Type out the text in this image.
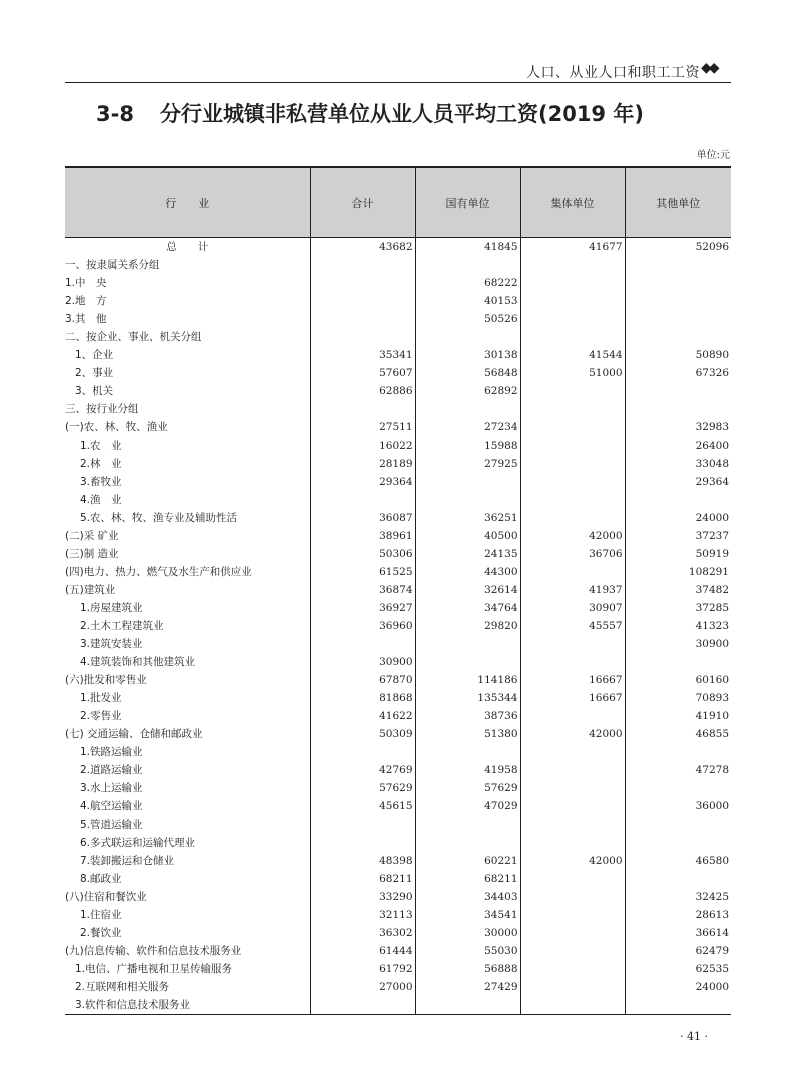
人口、从业人口和职工工资 ◆◆
3-8 分行业城镇非私营单位从业人员平均工资(2019 年)
单位:元
行　　业	合计	国有单位	集体单位	其他单位
总　　计	43682	41845	41677	52096
一、按隶属关系分组				
1.中　央		68222		
2.地　方		40153		
3.其　他		50526		
二、按企业、事业、机关分组				
1、企业	35341	30138	41544	50890
2、事业	57607	56848	51000	67326
3、机关	62886	62892		
三、按行业分组				
(一)农、林、牧、渔业	27511	27234		32983
1.农　业	16022	15988		26400
2.林　业	28189	27925		33048
3.畜牧业	29364			29364
4.渔　业				
5.农、林、牧、渔专业及辅助性活	36087	36251		24000
(二)采 矿业	38961	40500	42000	37237
(三)制 造业	50306	24135	36706	50919
(四)电力、热力、燃气及水生产和供应业	61525	44300		108291
(五)建筑业	36874	32614	41937	37482
1.房屋建筑业	36927	34764	30907	37285
2.土木工程建筑业	36960	29820	45557	41323
3.建筑安装业				30900
4.建筑装饰和其他建筑业	30900			
(六)批发和零售业	67870	114186	16667	60160
1.批发业	81868	135344	16667	70893
2.零售业	41622	38736		41910
(七) 交通运输、仓储和邮政业	50309	51380	42000	46855
1.铁路运输业				
2.道路运输业	42769	41958		47278
3.水上运输业	57629	57629		
4.航空运输业	45615	47029		36000
5.管道运输业				
6.多式联运和运输代理业				
7.装卸搬运和仓储业	48398	60221	42000	46580
8.邮政业	68211	68211		
(八)住宿和餐饮业	33290	34403		32425
1.住宿业	32113	34541		28613
2.餐饮业	36302	30000		36614
(九)信息传输、软件和信息技术服务业	61444	55030		62479
1.电信、广播电视和卫星传输服务	61792	56888		62535
2.互联网和相关服务	27000	27429		24000
3.软件和信息技术服务业				
· 41 ·
